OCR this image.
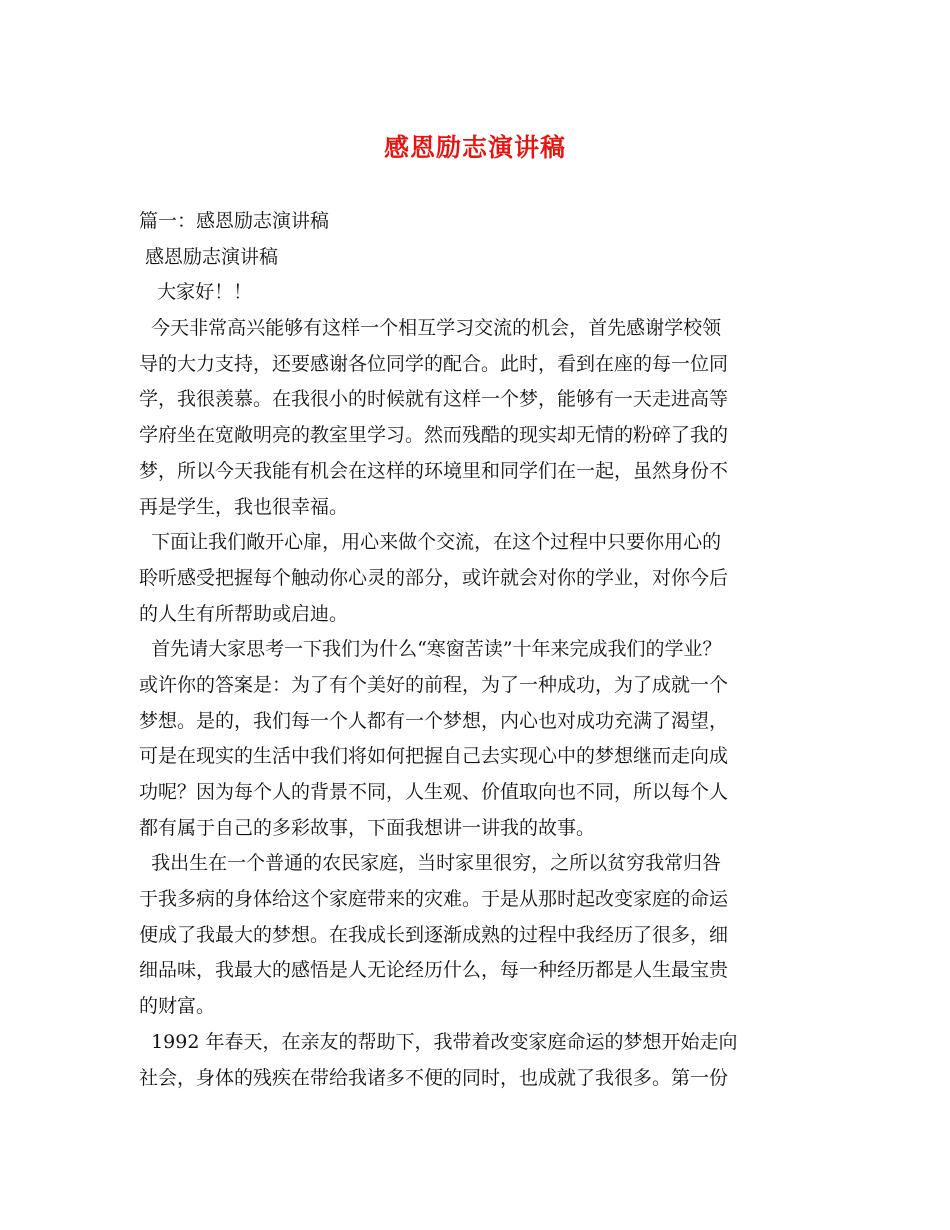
感恩励志演讲稿
篇一：感恩励志演讲稿
感恩励志演讲稿
大家好！！
今天非常高兴能够有这样一个相互学习交流的机会，首先感谢学校领
导的大力支持，还要感谢各位同学的配合。此时，看到在座的每一位同
学，我很羡慕。在我很小的时候就有这样一个梦，能够有一天走进高等
学府坐在宽敞明亮的教室里学习。然而残酷的现实却无情的粉碎了我的
梦，所以今天我能有机会在这样的环境里和同学们在一起，虽然身份不
再是学生，我也很幸福。
下面让我们敞开心扉，用心来做个交流，在这个过程中只要你用心的
聆听感受把握每个触动你心灵的部分，或许就会对你的学业，对你今后
的人生有所帮助或启迪。
首先请大家思考一下我们为什么“寒窗苦读”十年来完成我们的学业？
或许你的答案是：为了有个美好的前程，为了一种成功，为了成就一个
梦想。是的，我们每一个人都有一个梦想，内心也对成功充满了渴望，
可是在现实的生活中我们将如何把握自己去实现心中的梦想继而走向成
功呢？因为每个人的背景不同，人生观、价值取向也不同，所以每个人
都有属于自己的多彩故事，下面我想讲一讲我的故事。
我出生在一个普通的农民家庭，当时家里很穷，之所以贫穷我常归咎
于我多病的身体给这个家庭带来的灾难。于是从那时起改变家庭的命运
便成了我最大的梦想。在我成长到逐渐成熟的过程中我经历了很多，细
细品味，我最大的感悟是人无论经历什么，每一种经历都是人生最宝贵
的财富。
1992 年春天，在亲友的帮助下，我带着改变家庭命运的梦想开始走向
社会，身体的残疾在带给我诸多不便的同时，也成就了我很多。第一份
